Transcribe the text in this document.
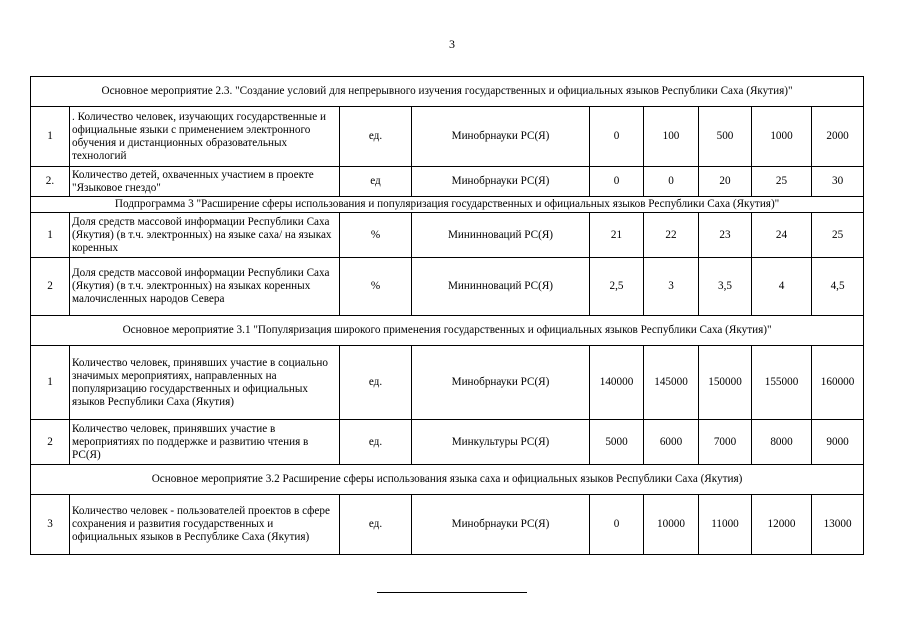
3
Основное мероприятие 2.3. "Создание условий для непрерывного изучения государственных и официальных языков Республики Саха (Якутия)"								
1	. Количество человек, изучающих государственные и официальные языки с применением электронного обучения и дистанционных образовательных технологий	ед.	Минобрнауки РС(Я)	0	100	500	1000	2000
2.	Количество детей, охваченных участием в проекте "Языковое гнездо"	ед	Минобрнауки РС(Я)	0	0	20	25	30
Подпрограмма 3 "Расширение сферы использования и популяризация государственных и официальных языков Республики Саха (Якутия)"								
1	Доля средств массовой информации Республики Саха (Якутия) (в т.ч. электронных) на языке саха/ на языках коренных	%	Мининноваций РС(Я)	21	22	23	24	25
2	Доля средств массовой информации Республики Саха (Якутия) (в т.ч. электронных) на языках коренных малочисленных народов Севера	%	Мининноваций РС(Я)	2,5	3	3,5	4	4,5
Основное мероприятие 3.1 "Популяризация широкого применения государственных и официальных языков Республики Саха (Якутия)"								
1	Количество человек, принявших участие в социально значимых мероприятиях, направленных на популяризацию государственных и официальных языков Республики Саха (Якутия)	ед.	Минобрнауки РС(Я)	140000	145000	150000	155000	160000
2	Количество человек, принявших участие в мероприятиях по поддержке и развитию чтения в РС(Я)	ед.	Минкультуры РС(Я)	5000	6000	7000	8000	9000
Основное мероприятие 3.2 Расширение сферы использования языка саха и официальных языков Республики Саха (Якутия)								
3	Количество человек - пользователей проектов в сфере сохранения и развития государственных и официальных языков в Республике Саха (Якутия)	ед.	Минобрнауки РС(Я)	0	10000	11000	12000	13000
